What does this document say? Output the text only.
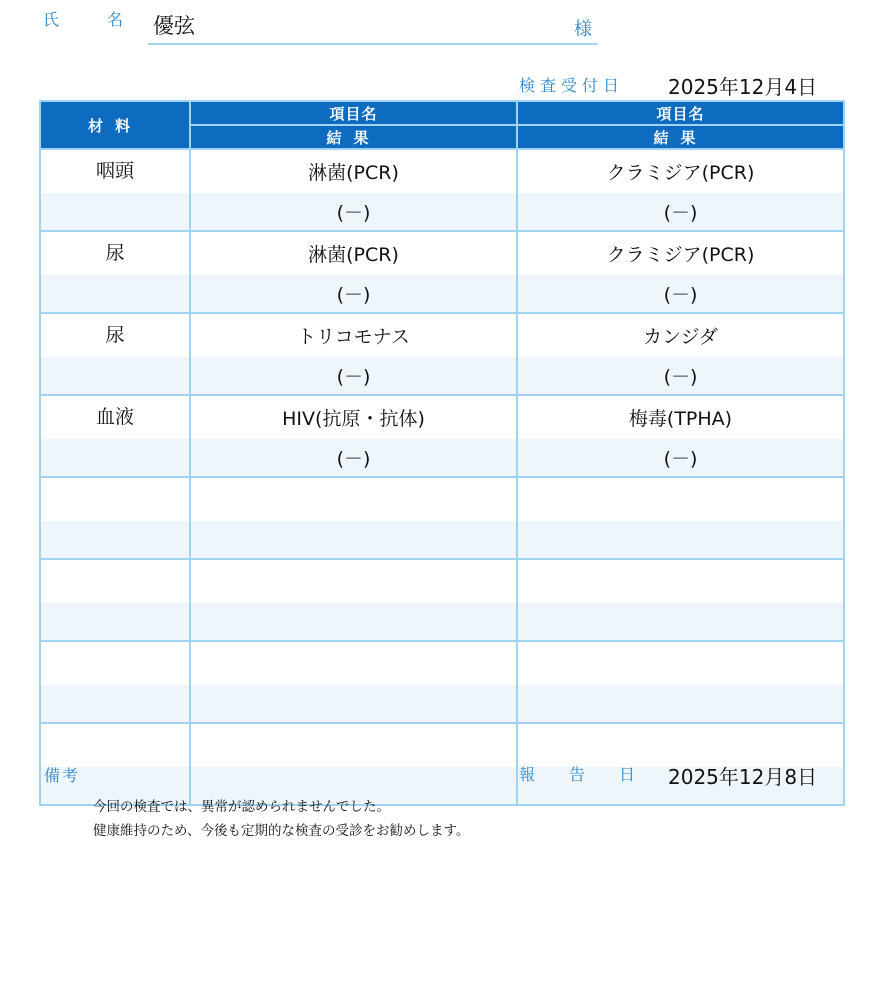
氏	名 優弦	様
検査受付日 2025年12月4日
材料	項目名	項目名
	結果	結果
咽頭	淋菌(PCR)	クラミジア(PCR)
	(－)	(－)
尿	淋菌(PCR)	クラミジア(PCR)
	(－)	(－)
尿	トリコモナス	カンジダ
	(－)	(－)
血液	HIV(抗原・抗体)	梅毒(TPHA)
	(－)	(－)

備考	報 告 日 2025年12月8日
今回の検査では、異常が認められませんでした。
健康維持のため、今後も定期的な検査の受診をお勧めします。
